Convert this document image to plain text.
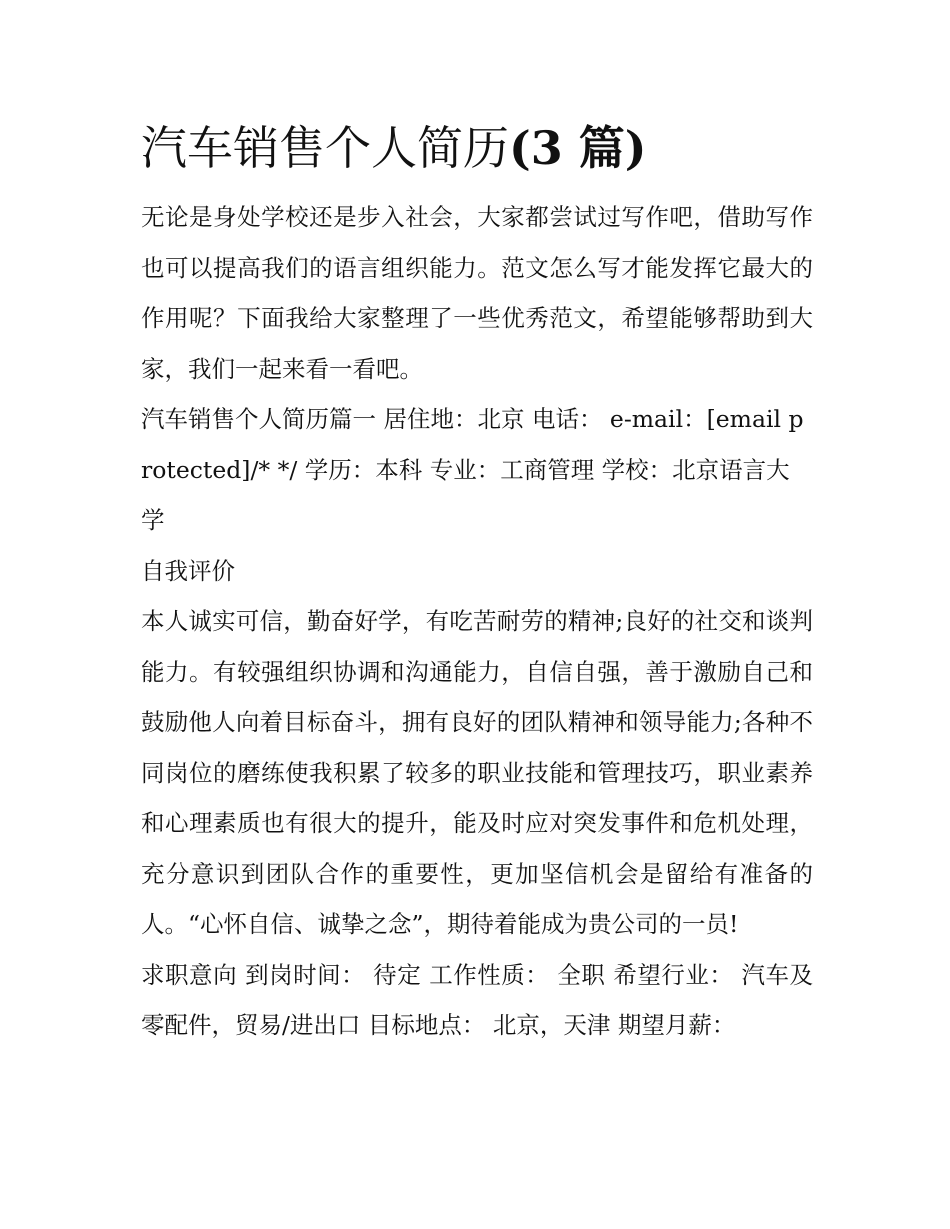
汽车销售个人简历(3 篇)

无论是身处学校还是步入社会，大家都尝试过写作吧，借助写作也可以提高我们的语言组织能力。范文怎么写才能发挥它最大的作用呢？下面我给大家整理了一些优秀范文，希望能够帮助到大家，我们一起来看一看吧。

汽车销售个人简历篇一 居住地：北京 电话： e-mail：[email protected]/* */ 学历：本科 专业：工商管理 学校：北京语言大学

自我评价

本人诚实可信，勤奋好学，有吃苦耐劳的精神;良好的社交和谈判能力。有较强组织协调和沟通能力，自信自强，善于激励自己和鼓励他人向着目标奋斗，拥有良好的团队精神和领导能力;各种不同岗位的磨练使我积累了较多的职业技能和管理技巧，职业素养和心理素质也有很大的提升，能及时应对突发事件和危机处理，充分意识到团队合作的重要性，更加坚信机会是留给有准备的人。“心怀自信、诚挚之念”，期待着能成为贵公司的一员!

求职意向 到岗时间： 待定 工作性质： 全职 希望行业： 汽车及零配件，贸易/进出口 目标地点： 北京，天津 期望月薪：
